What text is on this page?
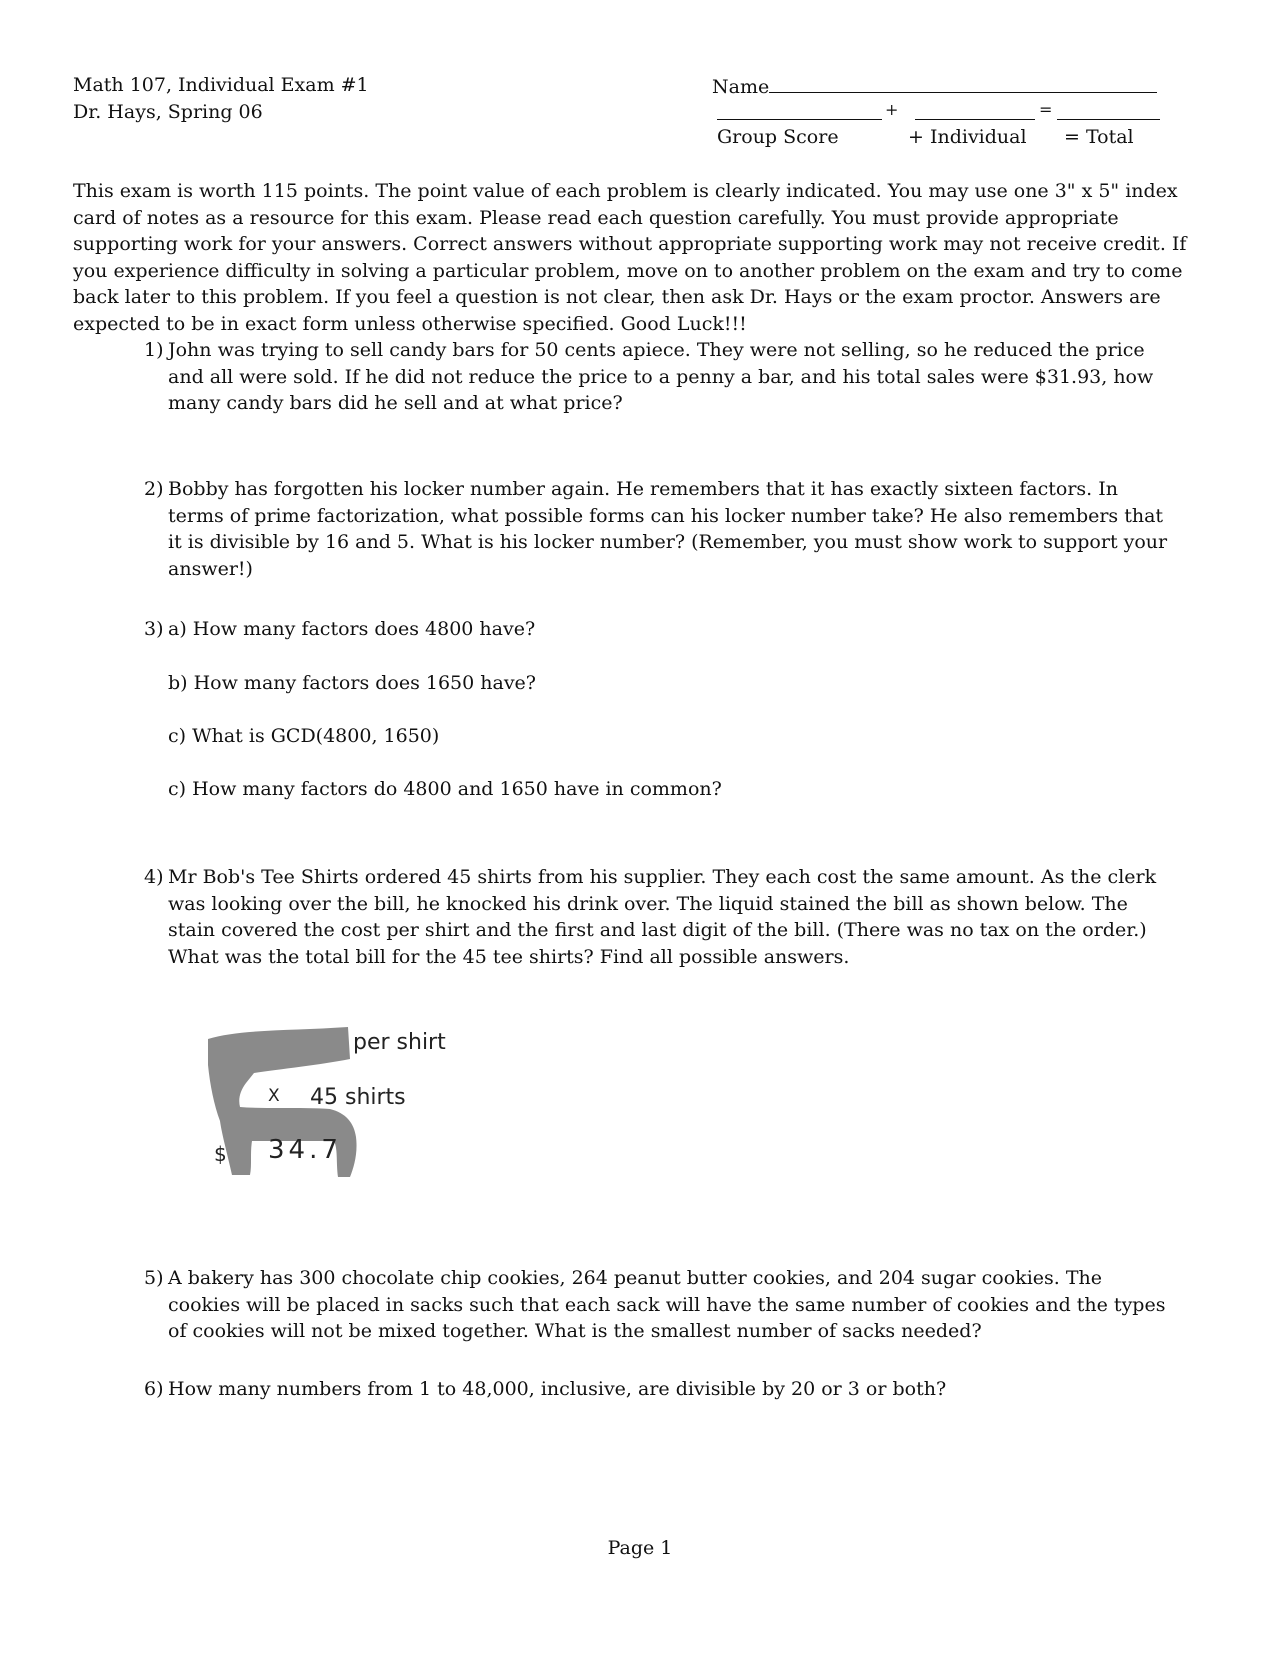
Math 107, Individual Exam #1
Dr. Hays, Spring 06
Name
+	=
Group Score	+ Individual = Total
This exam is worth 115 points. The point value of each problem is clearly indicated. You may use one 3" x 5" index card of notes as a resource for this exam. Please read each question carefully. You must provide appropriate supporting work for your answers. Correct answers without appropriate supporting work may not receive credit. If you experience difficulty in solving a particular problem, move on to another problem on the exam and try to come back later to this problem. If you feel a question is not clear, then ask Dr. Hays or the exam proctor. Answers are expected to be in exact form unless otherwise specified. Good Luck!!!
1) John was trying to sell candy bars for 50 cents apiece. They were not selling, so he reduced the price and all were sold. If he did not reduce the price to a penny a bar, and his total sales were $31.93, how many candy bars did he sell and at what price?
2) Bobby has forgotten his locker number again. He remembers that it has exactly sixteen factors. In terms of prime factorization, what possible forms can his locker number take? He also remembers that it is divisible by 16 and 5. What is his locker number? (Remember, you must show work to support your answer!)
3) a) How many factors does 4800 have?
b) How many factors does 1650 have?
c) What is GCD(4800, 1650)
c) How many factors do 4800 and 1650 have in common?
4) Mr Bob's Tee Shirts ordered 45 shirts from his supplier. They each cost the same amount. As the clerk was looking over the bill, he knocked his drink over. The liquid stained the bill as shown below. The stain covered the cost per shirt and the first and last digit of the bill. (There was no tax on the order.) What was the total bill for the 45 tee shirts? Find all possible answers.
per shirt
X 45 shirts
$ 34.7
5) A bakery has 300 chocolate chip cookies, 264 peanut butter cookies, and 204 sugar cookies. The cookies will be placed in sacks such that each sack will have the same number of cookies and the types of cookies will not be mixed together. What is the smallest number of sacks needed?
6) How many numbers from 1 to 48,000, inclusive, are divisible by 20 or 3 or both?
Page 1
